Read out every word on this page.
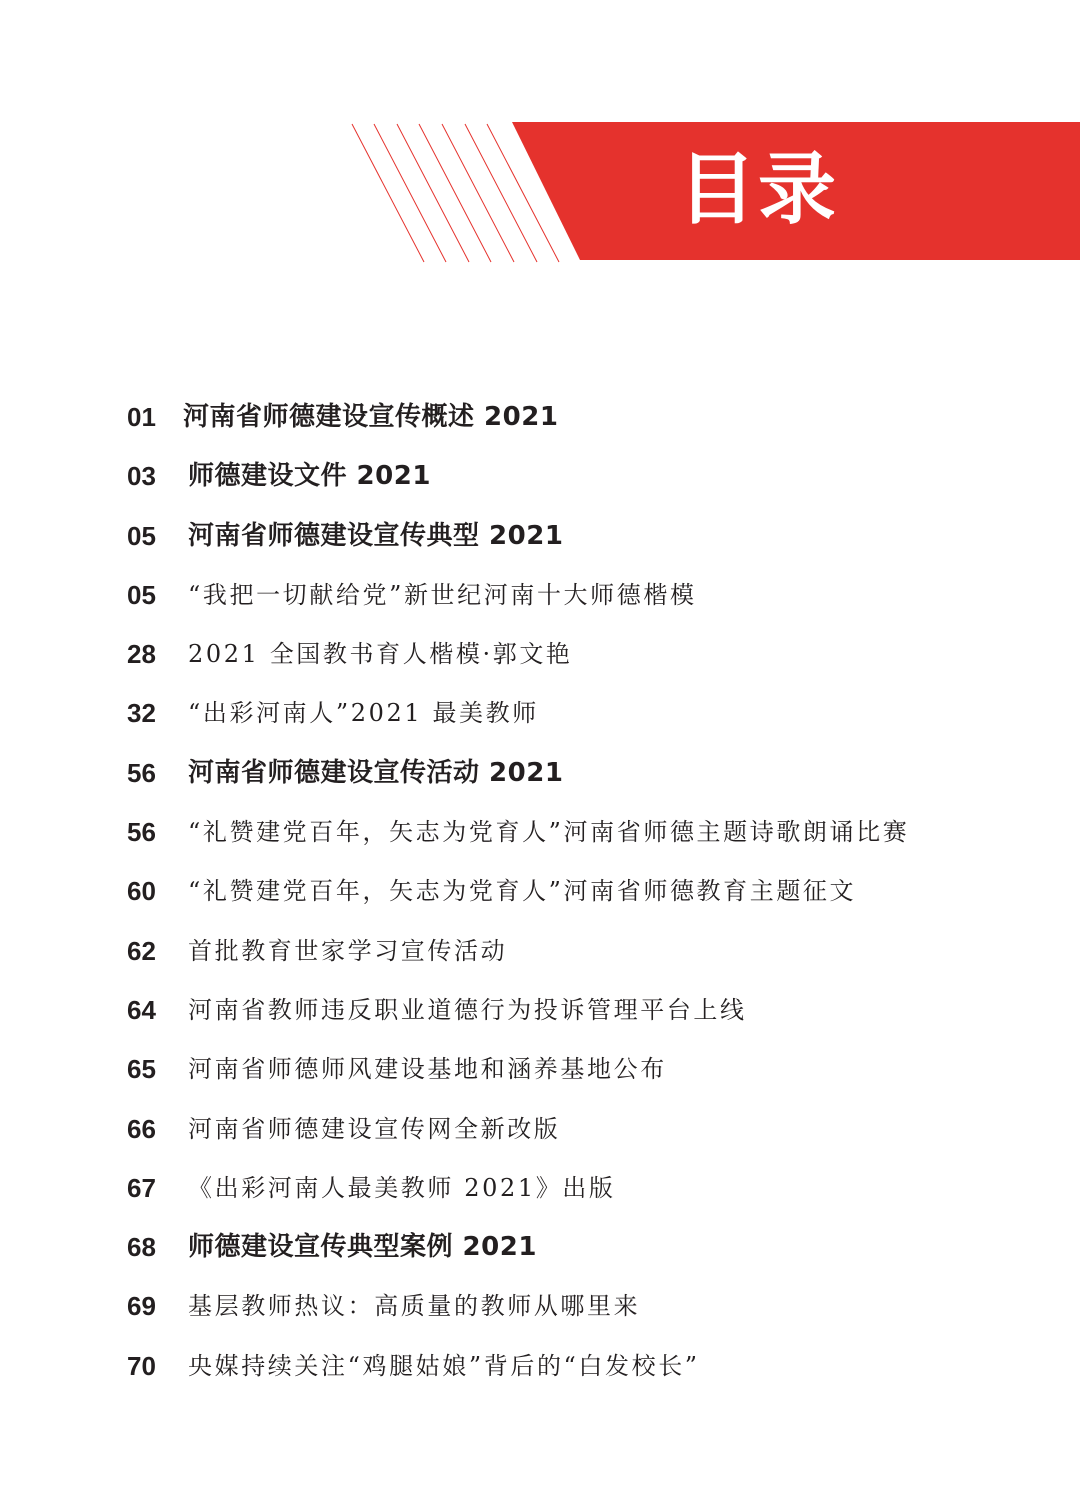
目录
01	河南省师德建设宣传概述 2021
03	师德建设文件 2021
05	河南省师德建设宣传典型 2021
05	“我把一切献给党”新世纪河南十大师德楷模
28	2021 全国教书育人楷模·郭文艳
32	“出彩河南人”2021 最美教师
56	河南省师德建设宣传活动 2021
56	“礼赞建党百年，矢志为党育人”河南省师德主题诗歌朗诵比赛
60	“礼赞建党百年，矢志为党育人”河南省师德教育主题征文
62	首批教育世家学习宣传活动
64	河南省教师违反职业道德行为投诉管理平台上线
65	河南省师德师风建设基地和涵养基地公布
66	河南省师德建设宣传网全新改版
67	《出彩河南人最美教师 2021》出版
68	师德建设宣传典型案例 2021
69	基层教师热议：高质量的教师从哪里来
70	央媒持续关注“鸡腿姑娘”背后的“白发校长”
